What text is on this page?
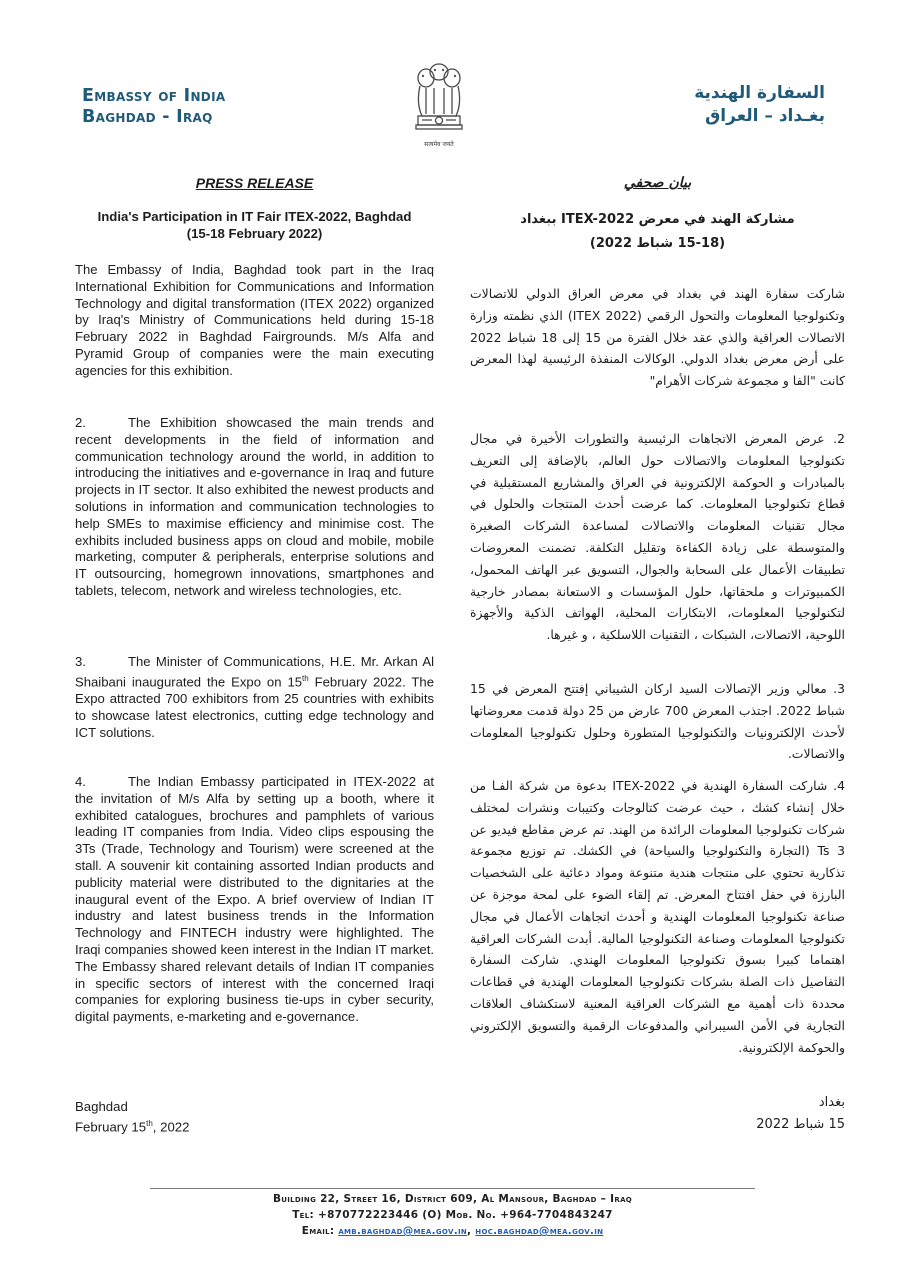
Embassy of India
Baghdad - Iraq
सत्यमेव जयते
السفارة الهندية
بغـداد – العراق
PRESS RELEASE
India's Participation in IT Fair ITEX-2022, Baghdad
(15-18 February 2022)

The Embassy of India, Baghdad took part in the Iraq International Exhibition for Communications and Information Technology and digital transformation (ITEX 2022) organized by Iraq's Ministry of Communications held during 15-18 February 2022 in Baghdad Fairgrounds. M/s Alfa and Pyramid Group of companies were the main executing agencies for this exhibition.

2.	The Exhibition showcased the main trends and recent developments in the field of information and communication technology around the world, in addition to introducing the initiatives and e-governance in Iraq and future projects in IT sector. It also exhibited the newest products and solutions in information and communication technologies to help SMEs to maximise efficiency and minimise cost. The exhibits included business apps on cloud and mobile, mobile marketing, computer & peripherals, enterprise solutions and IT outsourcing, homegrown innovations, smartphones and tablets, telecom, network and wireless technologies, etc.

3.	The Minister of Communications, H.E. Mr. Arkan Al Shaibani inaugurated the Expo on 15th February 2022. The Expo attracted 700 exhibitors from 25 countries with exhibits to showcase latest electronics, cutting edge technology and ICT solutions.

4.	The Indian Embassy participated in ITEX-2022 at the invitation of M/s Alfa by setting up a booth, where it exhibited catalogues, brochures and pamphlets of various leading IT companies from India. Video clips espousing the 3Ts (Trade, Technology and Tourism) were screened at the stall. A souvenir kit containing assorted Indian products and publicity material were distributed to the dignitaries at the inaugural event of the Expo. A brief overview of Indian IT industry and latest business trends in the Information Technology and FINTECH industry were highlighted. The Iraqi companies showed keen interest in the Indian IT market. The Embassy shared relevant details of Indian IT companies in specific sectors of interest with the concerned Iraqi companies for exploring business tie-ups in cyber security, digital payments, e-marketing and e-governance.

Baghdad
February 15th, 2022
بيان صحفي
مشاركة الهند في معرض ITEX-2022 ببغداد
(15-18 شباط 2022)

شاركت سفارة الهند في بغداد في معرض العراق الدولي للاتصالات وتكنولوجيا المعلومات والتحول الرقمي (ITEX 2022) الذي نظمته وزارة الاتصالات العراقية والذي عقد خلال الفترة من 15 إلى 18 شباط 2022 على أرض معرض بغداد الدولي. الوكالات المنفذة الرئيسية لهذا المعرض كانت "الفا و مجموعة شركات الأهرام"

2. عرض المعرض الاتجاهات الرئيسية والتطورات الأخيرة في مجال تكنولوجيا المعلومات والاتصالات حول العالم، بالإضافة إلى التعريف بالمبادرات و الحوكمة الإلكترونية في العراق والمشاريع المستقبلية في قطاع تكنولوجيا المعلومات. كما عرضت أحدث المنتجات والحلول في مجال تقنيات المعلومات والاتصالات لمساعدة الشركات الصغيرة والمتوسطة على زيادة الكفاءة وتقليل التكلفة. تضمنت المعروضات تطبيقات الأعمال على السحابة والجوال، التسويق عبر الهاتف المحمول، الكمبيوترات و ملحقاتها، حلول المؤسسات و الاستعانة بمصادر خارجية لتكنولوجيا المعلومات، الابتكارات المحلية، الهواتف الذكية والأجهزة اللوحية، الاتصالات، الشبكات ، التقنيات اللاسلكية ، و غيرها.

3. معالي وزير الإتصالات السيد اركان الشيباني إفتتح المعرض في 15 شباط 2022. اجتذب المعرض 700 عارض من 25 دولة قدمت معروضاتها لأحدث الإلكترونيات والتكنولوجيا المتطورة وحلول تكنولوجيا المعلومات والاتصالات.

4. شاركت السفارة الهندية في ITEX-2022 بدعوة من شركة الفـا من خلال إنشاء كشك ، حيث عرضت كتالوجات وكتيبات ونشرات لمختلف شركات تكنولوجيا المعلومات الرائدة من الهند. تم عرض مقاطع فيديو عن Ts 3 (التجارة والتكنولوجيا والسياحة) في الكشك. تم توزيع مجموعة تذكارية تحتوي على منتجات هندية متنوعة ومواد دعائية على الشخصيات البارزة في حفل افتتاح المعرض. تم إلقاء الضوء على لمحة موجزة عن صناعة تكنولوجيا المعلومات الهندية و أحدث اتجاهات الأعمال في مجال تكنولوجيا المعلومات وصناعة التكنولوجيا المالية. أبدت الشركات العراقية اهتماما كبيرا بسوق تكنولوجيا المعلومات الهندي. شاركت السفارة التفاصيل ذات الصلة بشركات تكنولوجيا المعلومات الهندية في قطاعات محددة ذات أهمية مع الشركات العراقية المعنية لاستكشاف العلاقات التجارية في الأمن السيبراني والمدفوعات الرقمية والتسويق الإلكتروني والحوكمة الإلكترونية.

بغداد
15 شباط 2022
Building 22, Street 16, District 609, Al Mansour, Baghdad – Iraq
Tel: +870772223446 (O) Mob. No. +964-7704843247
Email: amb.baghdad@mea.gov.in, hoc.baghdad@mea.gov.in
